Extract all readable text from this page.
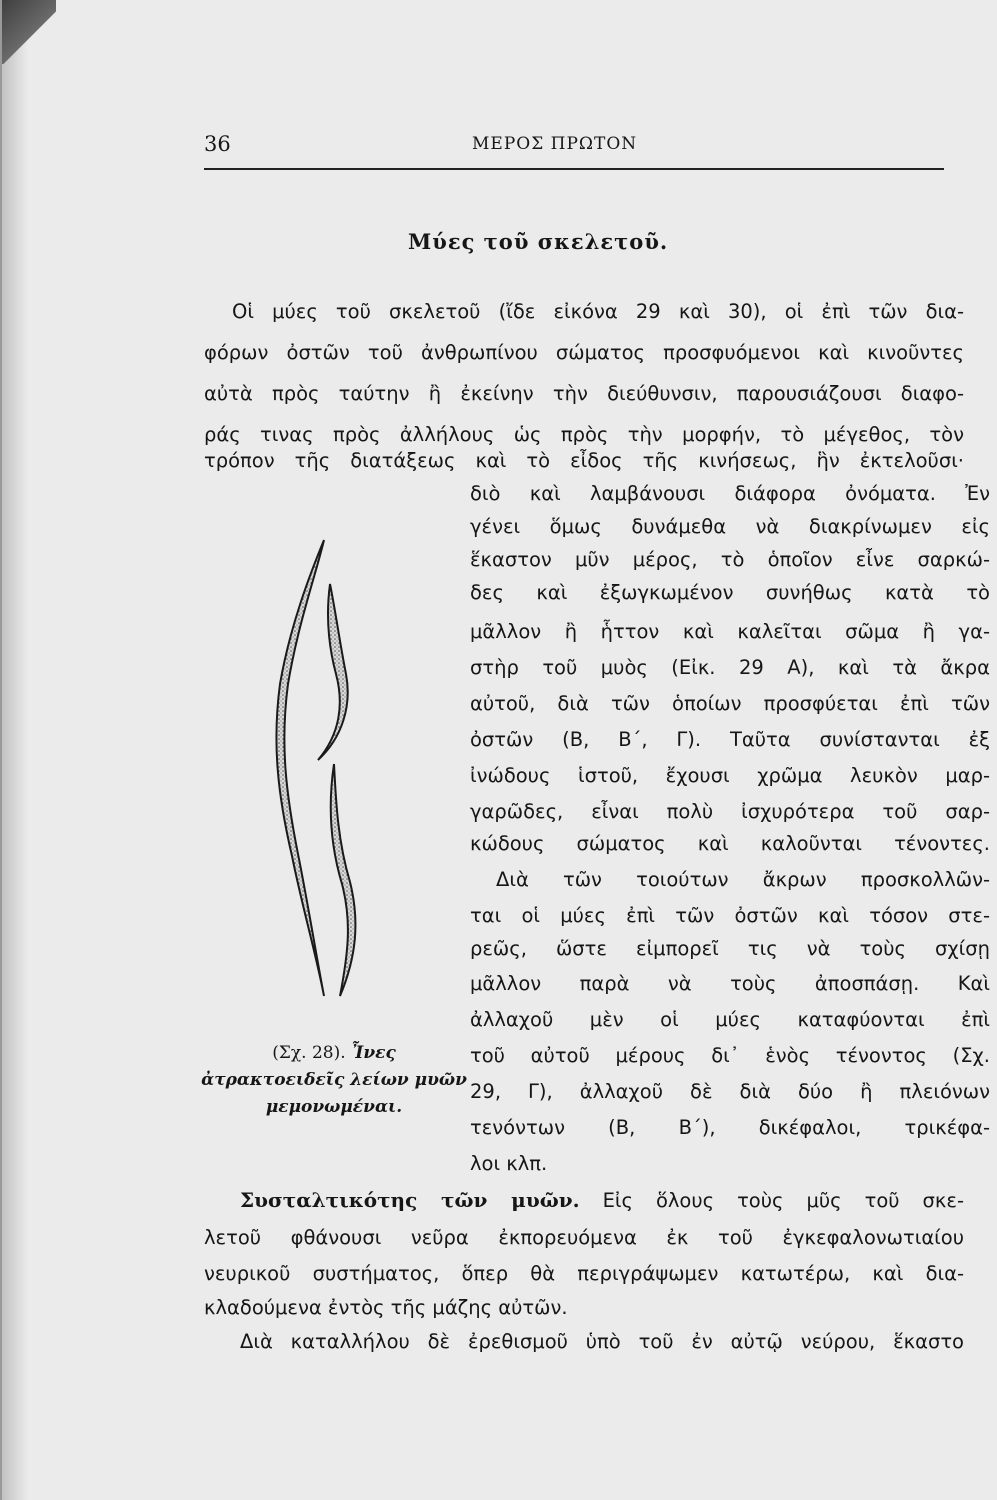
36	ΜΕΡΟΣ ΠΡΩΤΟΝ
Μύες τοῦ σκελετοῦ.
Οἱ μύες τοῦ σκελετοῦ (ἴδε εἰκόνα 29 καὶ 30), οἱ ἐπὶ τῶν δια-
φόρων ὀστῶν τοῦ ἀνθρωπίνου σώματος προσφυόμενοι καὶ κινοῦντες
αὐτὰ πρὸς ταύτην ἢ ἐκείνην τὴν διεύθυνσιν, παρουσιάζουσι διαφο-
ράς τινας πρὸς ἀλλήλους ὡς πρὸς τὴν μορφήν, τὸ μέγεθος, τὸν
τρόπον τῆς διατάξεως καὶ τὸ εἶδος τῆς κινήσεως, ἣν ἐκτελοῦσι·
διὸ καὶ λαμβάνουσι διάφορα ὀνόματα. Ἐν
γένει ὅμως δυνάμεθα νὰ διακρίνωμεν εἰς
ἕκαστον μῦν μέρος, τὸ ὁποῖον εἶνε σαρκώ-
δες καὶ ἐξωγκωμένον συνήθως κατὰ τὸ
μᾶλλον ἢ ἧττον καὶ καλεῖται σῶμα ἢ γα-
στὴρ τοῦ μυὸς (Εἰκ. 29 Α), καὶ τὰ ἄκρα
αὐτοῦ, διὰ τῶν ὁποίων προσφύεται ἐπὶ τῶν
ὀστῶν (Β, Β΄, Γ). Ταῦτα συνίστανται ἐξ
ἰνώδους ἱστοῦ, ἔχουσι χρῶμα λευκὸν μαρ-
γαρῶδες, εἶναι πολὺ ἰσχυρότερα τοῦ σαρ-
κώδους σώματος καὶ καλοῦνται τένοντες.
Διὰ τῶν τοιούτων ἄκρων προσκολλῶν-
ται οἱ μύες ἐπὶ τῶν ὀστῶν καὶ τόσον στε-
ρεῶς, ὥστε εἰμπορεῖ τις νὰ τοὺς σχίσῃ
μᾶλλον παρὰ νὰ τοὺς ἀποσπάσῃ. Καὶ
ἀλλαχοῦ μὲν οἱ μύες καταφύονται ἐπὶ
τοῦ αὐτοῦ μέρους δι᾽ ἑνὸς τένοντος (Σχ.
29, Γ), ἀλλαχοῦ δὲ διὰ δύο ἢ πλειόνων
τενόντων (Β, Β΄), δικέφαλοι, τρικέφα-
λοι κλπ.
(Σχ. 28). Ἶνες ἀτρακτοειδεῖς λείων μυῶν μεμονωμέναι.
Συσταλτικότης τῶν μυῶν. Εἰς ὅλους τοὺς μῦς τοῦ σκε-
λετοῦ φθάνουσι νεῦρα ἐκπορευόμενα ἐκ τοῦ ἐγκεφαλονωτιαίου
νευρικοῦ συστήματος, ὅπερ θὰ περιγράψωμεν κατωτέρω, καὶ δια-
κλαδούμενα ἐντὸς τῆς μάζης αὐτῶν.
Διὰ καταλλήλου δὲ ἐρεθισμοῦ ὑπὸ τοῦ ἐν αὐτῷ νεύρου, ἕκαστο
